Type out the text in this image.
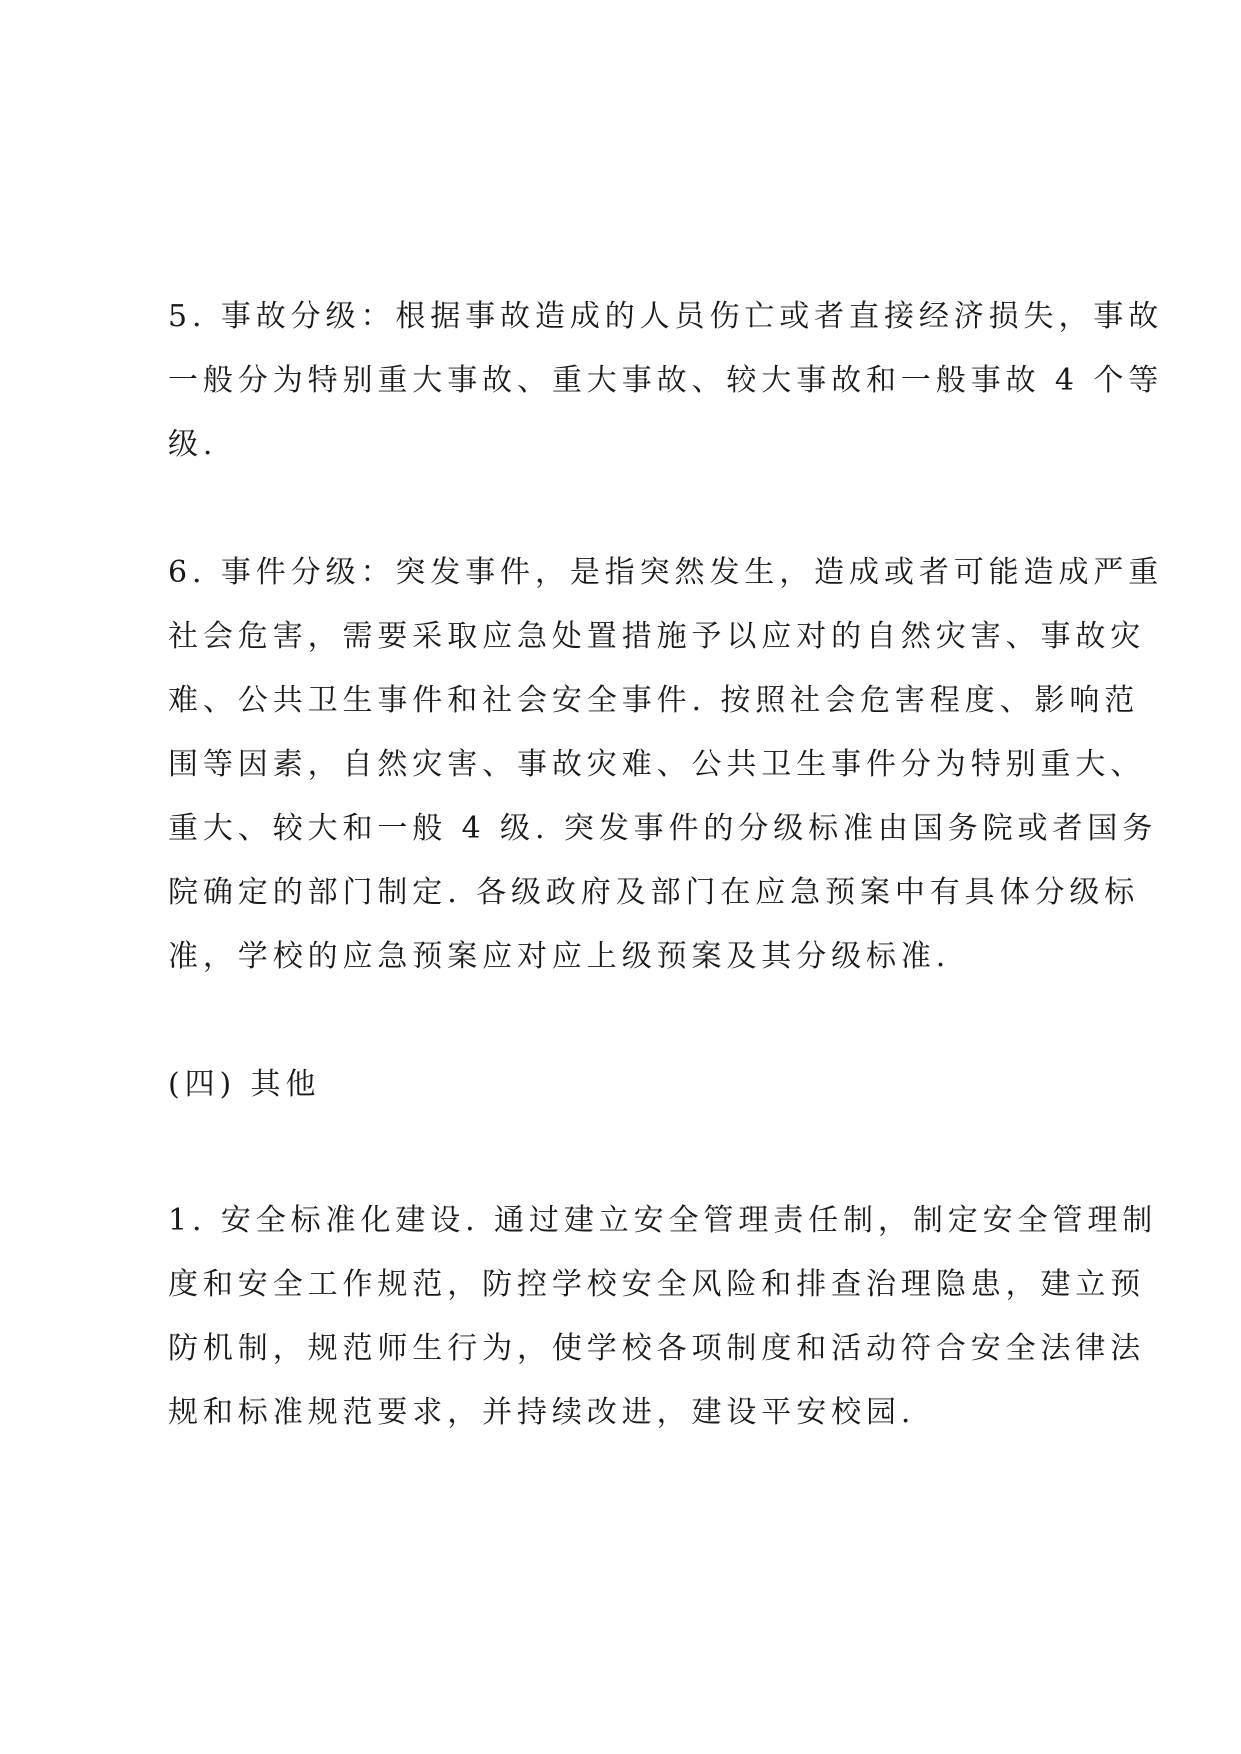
5. 事故分级：根据事故造成的人员伤亡或者直接经济损失，事故
一般分为特别重大事故、重大事故、较大事故和一般事故 4 个等
级.

6. 事件分级：突发事件，是指突然发生，造成或者可能造成严重
社会危害，需要采取应急处置措施予以应对的自然灾害、事故灾
难、公共卫生事件和社会安全事件. 按照社会危害程度、影响范
围等因素，自然灾害、事故灾难、公共卫生事件分为特别重大、
重大、较大和一般 4 级. 突发事件的分级标准由国务院或者国务
院确定的部门制定. 各级政府及部门在应急预案中有具体分级标
准，学校的应急预案应对应上级预案及其分级标准.

(四) 其他

1. 安全标准化建设. 通过建立安全管理责任制，制定安全管理制
度和安全工作规范，防控学校安全风险和排查治理隐患，建立预
防机制，规范师生行为，使学校各项制度和活动符合安全法律法
规和标准规范要求，并持续改进，建设平安校园.
